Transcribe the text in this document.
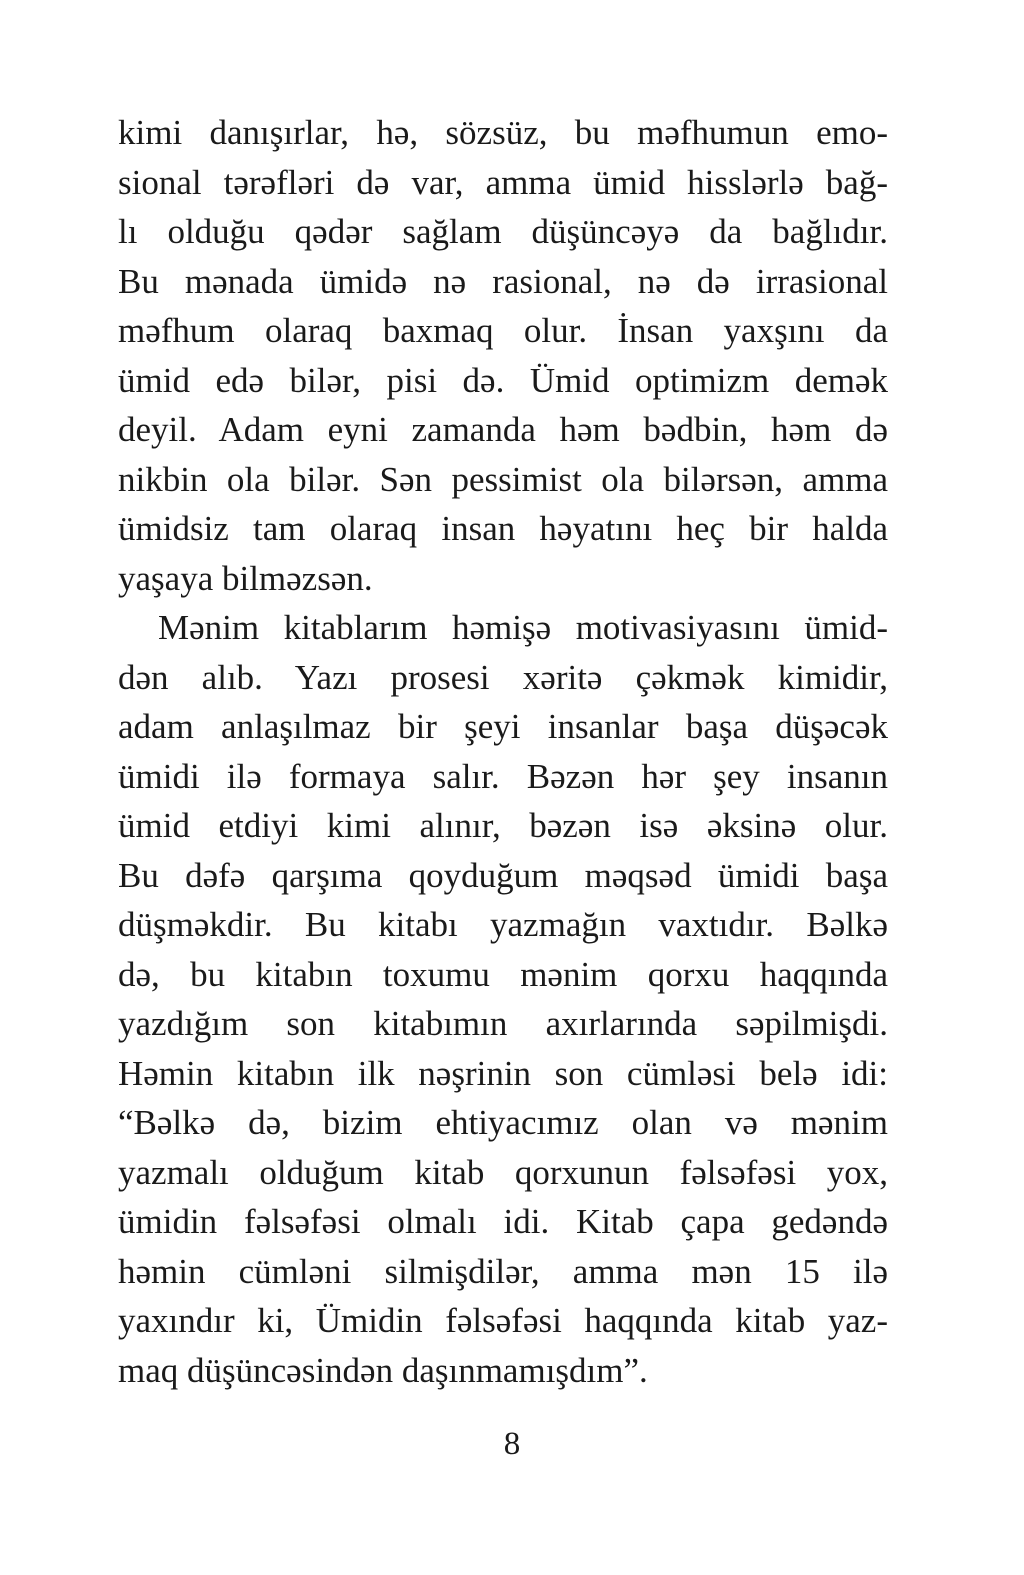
kimi danışırlar, hə, sözsüz, bu məfhumun emo-
sional tərəfləri də var, amma ümid hisslərlə bağ-
lı olduğu qədər sağlam düşüncəyə da bağlıdır.
Bu mənada ümidə nə rasional, nə də irrasional
məfhum olaraq baxmaq olur. İnsan yaxşını da
ümid edə bilər, pisi də. Ümid optimizm demək
deyil. Adam eyni zamanda həm bədbin, həm də
nikbin ola bilər. Sən pessimist ola bilərsən, amma
ümidsiz tam olaraq insan həyatını heç bir halda
yaşaya bilməzsən.
Mənim kitablarım həmişə motivasiyasını ümid-
dən alıb. Yazı prosesi xəritə çəkmək kimidir,
adam anlaşılmaz bir şeyi insanlar başa düşəcək
ümidi ilə formaya salır. Bəzən hər şey insanın
ümid etdiyi kimi alınır, bəzən isə əksinə olur.
Bu dəfə qarşıma qoyduğum məqsəd ümidi başa
düşməkdir. Bu kitabı yazmağın vaxtıdır. Bəlkə
də, bu kitabın toxumu mənim qorxu haqqında
yazdığım son kitabımın axırlarında səpilmişdi.
Həmin kitabın ilk nəşrinin son cümləsi belə idi:
“Bəlkə də, bizim ehtiyacımız olan və mənim
yazmalı olduğum kitab qorxunun fəlsəfəsi yox,
ümidin fəlsəfəsi olmalı idi. Kitab çapa gedəndə
həmin cümləni silmişdilər, amma mən 15 ilə
yaxındır ki, Ümidin fəlsəfəsi haqqında kitab yaz-
maq düşüncəsindən daşınmamışdım”.
8
